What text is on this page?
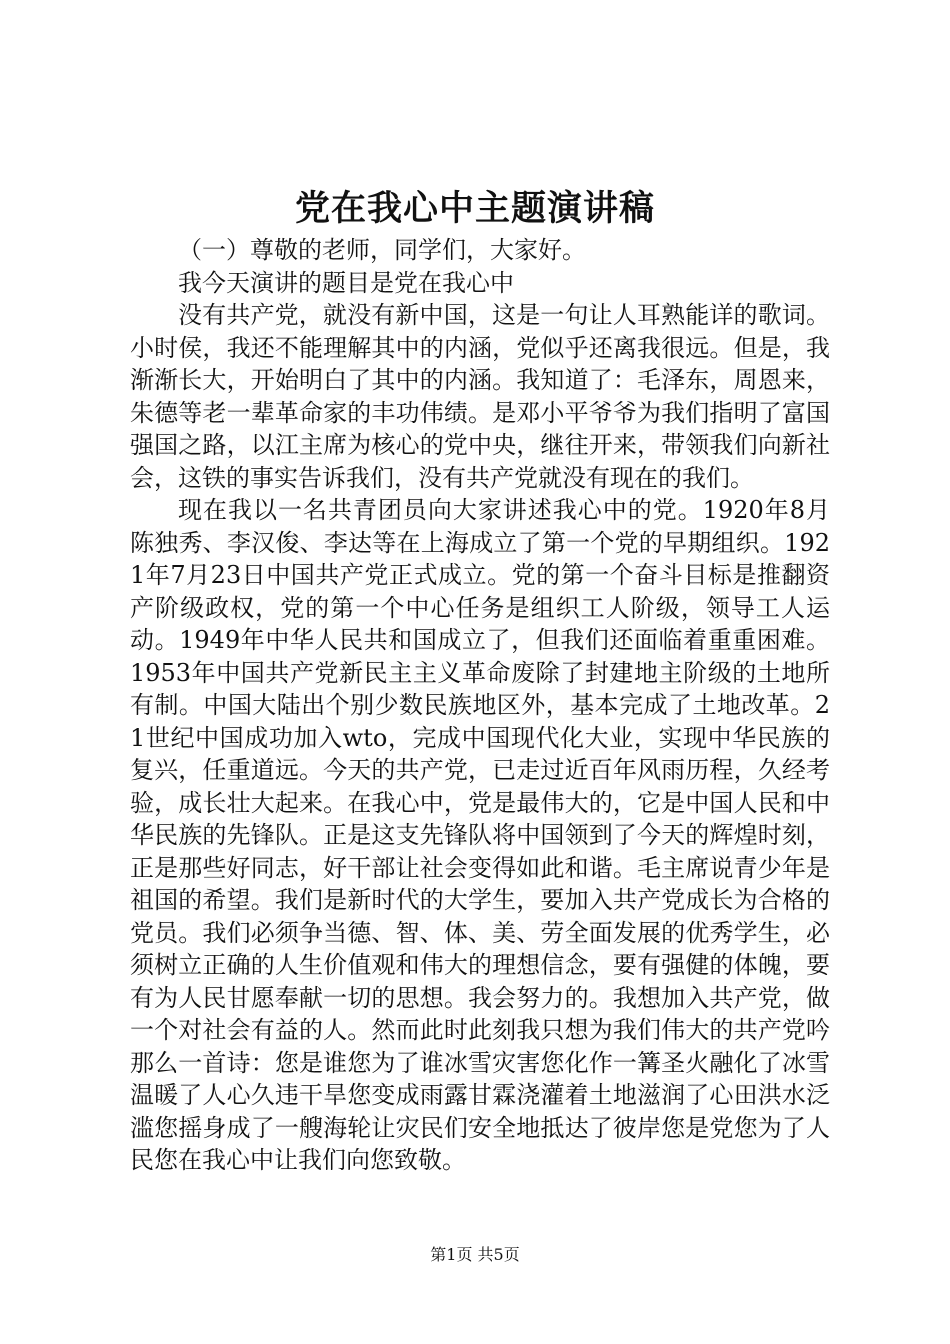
党在我心中主题演讲稿

（一）尊敬的老师，同学们，大家好。

我今天演讲的题目是党在我心中

没有共产党，就没有新中国，这是一句让人耳熟能详的歌词。小时侯，我还不能理解其中的内涵，党似乎还离我很远。但是，我渐渐长大，开始明白了其中的内涵。我知道了：毛泽东，周恩来，朱德等老一辈革命家的丰功伟绩。是邓小平爷爷为我们指明了富国强国之路，以江主席为核心的党中央，继往开来，带领我们向新社会，这铁的事实告诉我们，没有共产党就没有现在的我们。

现在我以一名共青团员向大家讲述我心中的党。1920年8月陈独秀、李汉俊、李达等在上海成立了第一个党的早期组织。1921年7月23日中国共产党正式成立。党的第一个奋斗目标是推翻资产阶级政权，党的第一个中心任务是组织工人阶级，领导工人运动。1949年中华人民共和国成立了，但我们还面临着重重困难。1953年中国共产党新民主主义革命废除了封建地主阶级的土地所有制。中国大陆出个别少数民族地区外，基本完成了土地改革。21世纪中国成功加入wto，完成中国现代化大业，实现中华民族的复兴，任重道远。今天的共产党，已走过近百年风雨历程，久经考验，成长壮大起来。在我心中，党是最伟大的，它是中国人民和中华民族的先锋队。正是这支先锋队将中国领到了今天的辉煌时刻，正是那些好同志，好干部让社会变得如此和谐。毛主席说青少年是祖国的希望。我们是新时代的大学生，要加入共产党成长为合格的党员。我们必须争当德、智、体、美、劳全面发展的优秀学生，必须树立正确的人生价值观和伟大的理想信念，要有强健的体魄，要有为人民甘愿奉献一切的思想。我会努力的。我想加入共产党，做一个对社会有益的人。然而此时此刻我只想为我们伟大的共产党吟那么一首诗：您是谁您为了谁冰雪灾害您化作一篝圣火融化了冰雪温暖了人心久违干旱您变成雨露甘霖浇灌着土地滋润了心田洪水泛滥您摇身成了一艘海轮让灾民们安全地抵达了彼岸您是党您为了人民您在我心中让我们向您致敬。

第1页 共5页
